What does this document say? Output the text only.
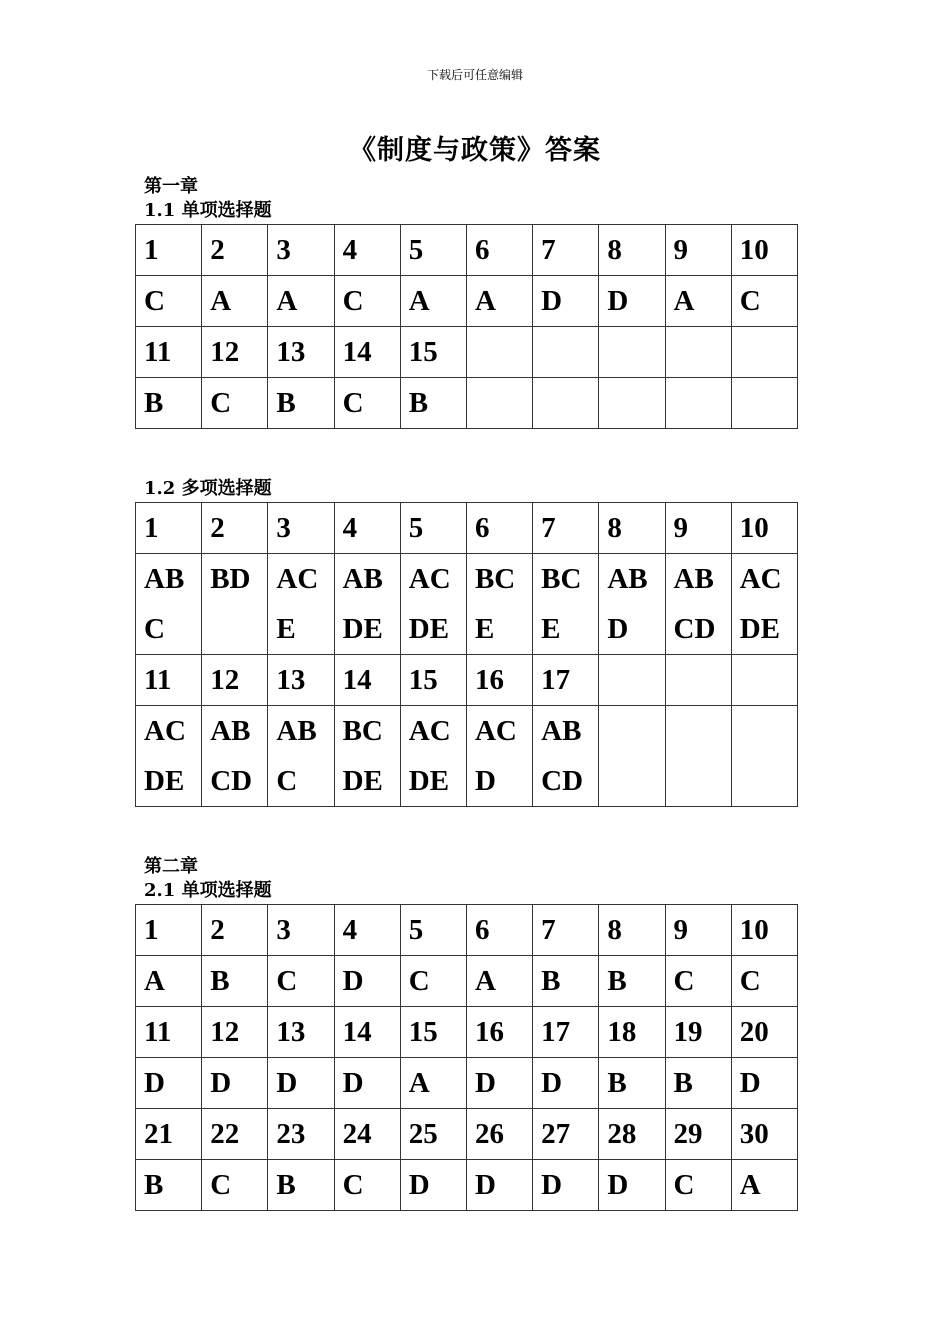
下载后可任意编辑
《制度与政策》答案
第一章
1.1 单项选择题
1	2	3	4	5	6	7	8	9	10
C	A	A	C	A	A	D	D	A	C
11	12	13	14	15					
B	C	B	C	B					
1.2 多项选择题
1	2	3	4	5	6	7	8	9	10
ABC	BD	ACE	ABDE	ACDE	BCE	BCE	ABD	ABCD	ACDE
11	12	13	14	15	16	17			
ACDE	ABCD	ABC	BCDE	ACDE	ACD	ABCD			
第二章
2.1 单项选择题
1	2	3	4	5	6	7	8	9	10
A	B	C	D	C	A	B	B	C	C
11	12	13	14	15	16	17	18	19	20
D	D	D	D	A	D	D	B	B	D
21	22	23	24	25	26	27	28	29	30
B	C	B	C	D	D	D	D	C	A
